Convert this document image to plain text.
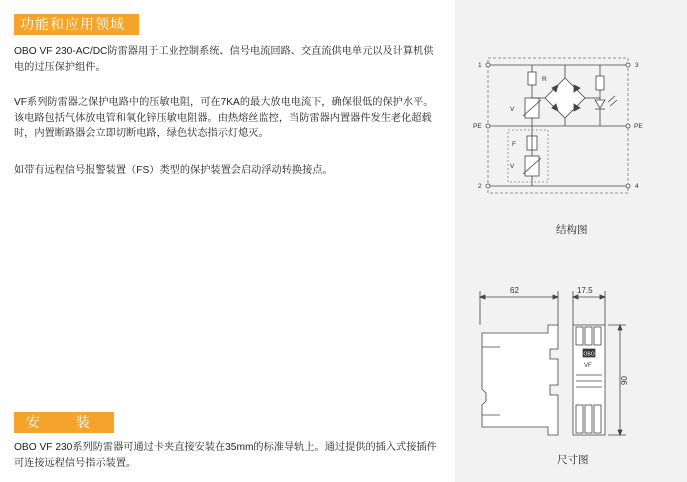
功能和应用领域

OBO VF 230-AC/DC防雷器用于工业控制系统、信号电流回路、交直流供电单元以及计算机供电的过压保护组件。

VF系列防雷器之保护电路中的压敏电阻，可在7KA的最大放电电流下，确保很低的保护水平。该电路包括气体放电管和氧化锌压敏电阻器。由热熔丝监控，当防雷器内置器件发生老化超载时，内置断路器会立即切断电路，绿色状态指示灯熄灭。

如带有远程信号报警装置（FS）类型的保护装置会启动浮动转换接点。

安 装

OBO VF 230系列防雷器可通过卡夹直接安装在35mm的标准导轨上。通过提供的插入式接插件可连接远程信号指示装置。

1	3
PE	PE
2	4
V
F
V
R
结构图
62	17.5
OBO
VF
90
尺寸图
